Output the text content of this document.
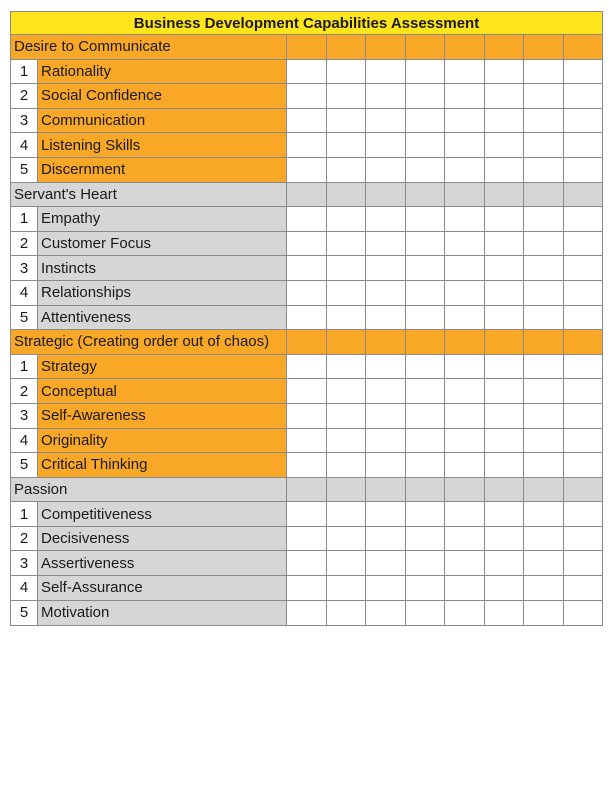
Business Development Capabilities Assessment
Desire to Communicate
1 Rationality
2 Social Confidence
3 Communication
4 Listening Skills
5 Discernment
Servant's Heart
1 Empathy
2 Customer Focus
3 Instincts
4 Relationships
5 Attentiveness
Strategic (Creating order out of chaos)
1 Strategy
2 Conceptual
3 Self-Awareness
4 Originality
5 Critical Thinking
Passion
1 Competitiveness
2 Decisiveness
3 Assertiveness
4 Self-Assurance
5 Motivation
